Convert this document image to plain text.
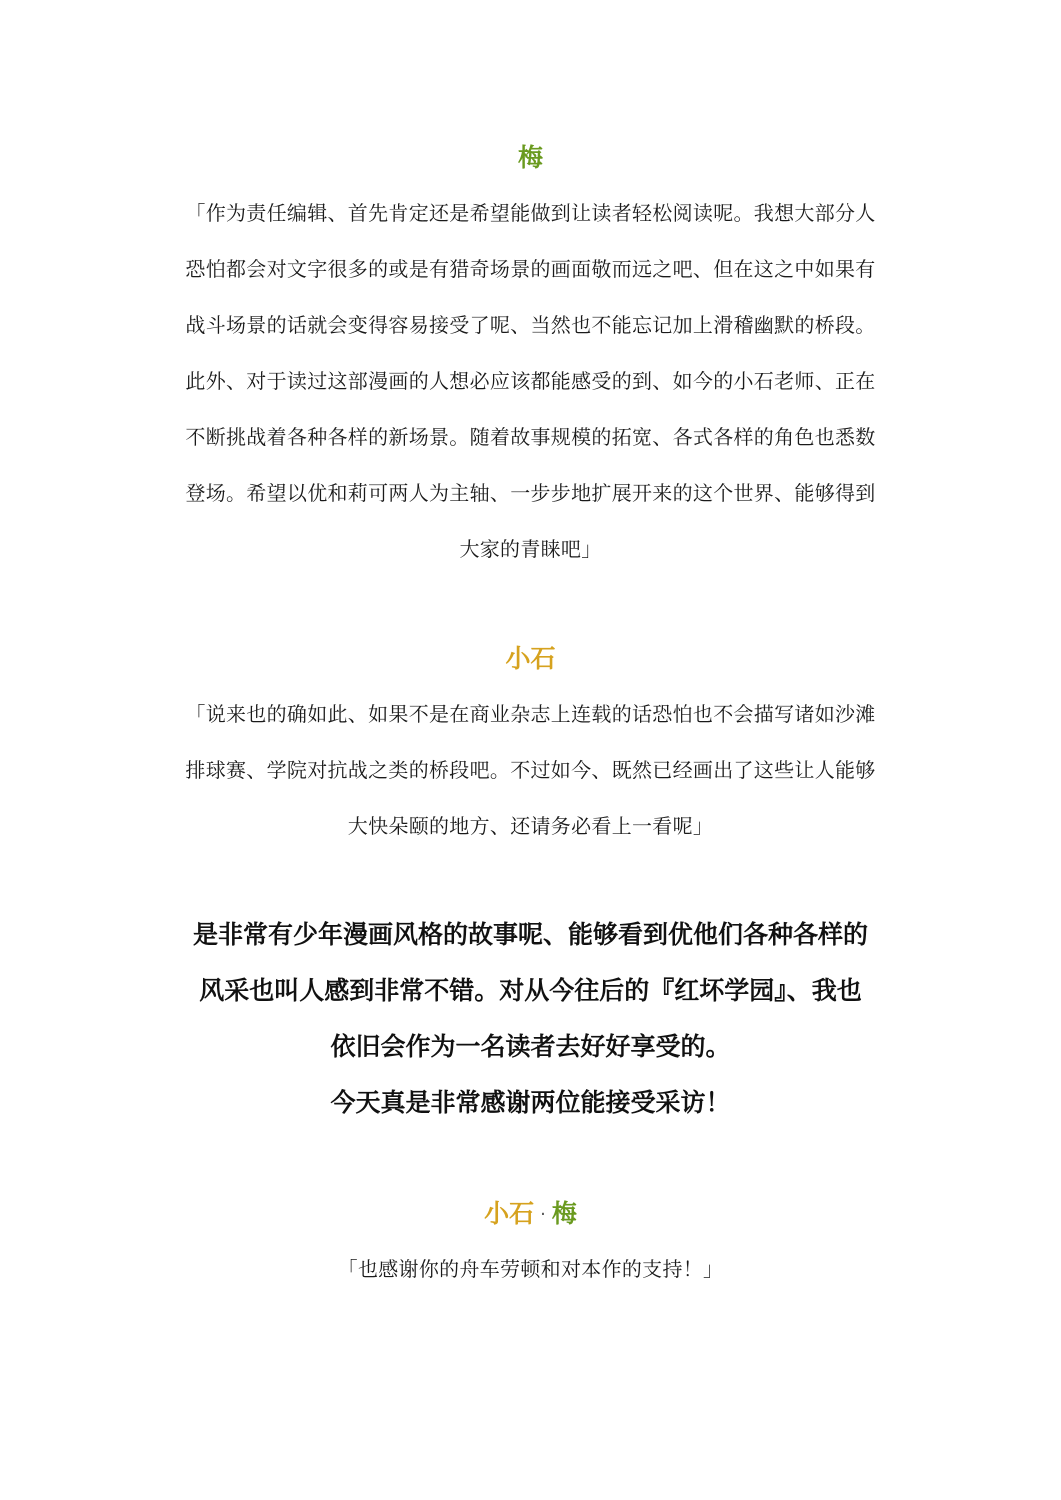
梅
「作为责任编辑、首先肯定还是希望能做到让读者轻松阅读呢。我想大部分人
恐怕都会对文字很多的或是有猎奇场景的画面敬而远之吧、但在这之中如果有
战斗场景的话就会变得容易接受了呢、当然也不能忘记加上滑稽幽默的桥段。
此外、对于读过这部漫画的人想必应该都能感受的到、如今的小石老师、正在
不断挑战着各种各样的新场景。随着故事规模的拓宽、各式各样的角色也悉数
登场。希望以优和莉可两人为主轴、一步步地扩展开来的这个世界、能够得到
大家的青睐吧」
小石
「说来也的确如此、如果不是在商业杂志上连载的话恐怕也不会描写诸如沙滩
排球赛、学院对抗战之类的桥段吧。不过如今、既然已经画出了这些让人能够
大快朵颐的地方、还请务必看上一看呢」
是非常有少年漫画风格的故事呢、能够看到优他们各种各样的
风采也叫人感到非常不错。对从今往后的『红坏学园』、我也
依旧会作为一名读者去好好享受的。
今天真是非常感谢两位能接受采访！
小石 · 梅
「也感谢你的舟车劳顿和对本作的支持！」
